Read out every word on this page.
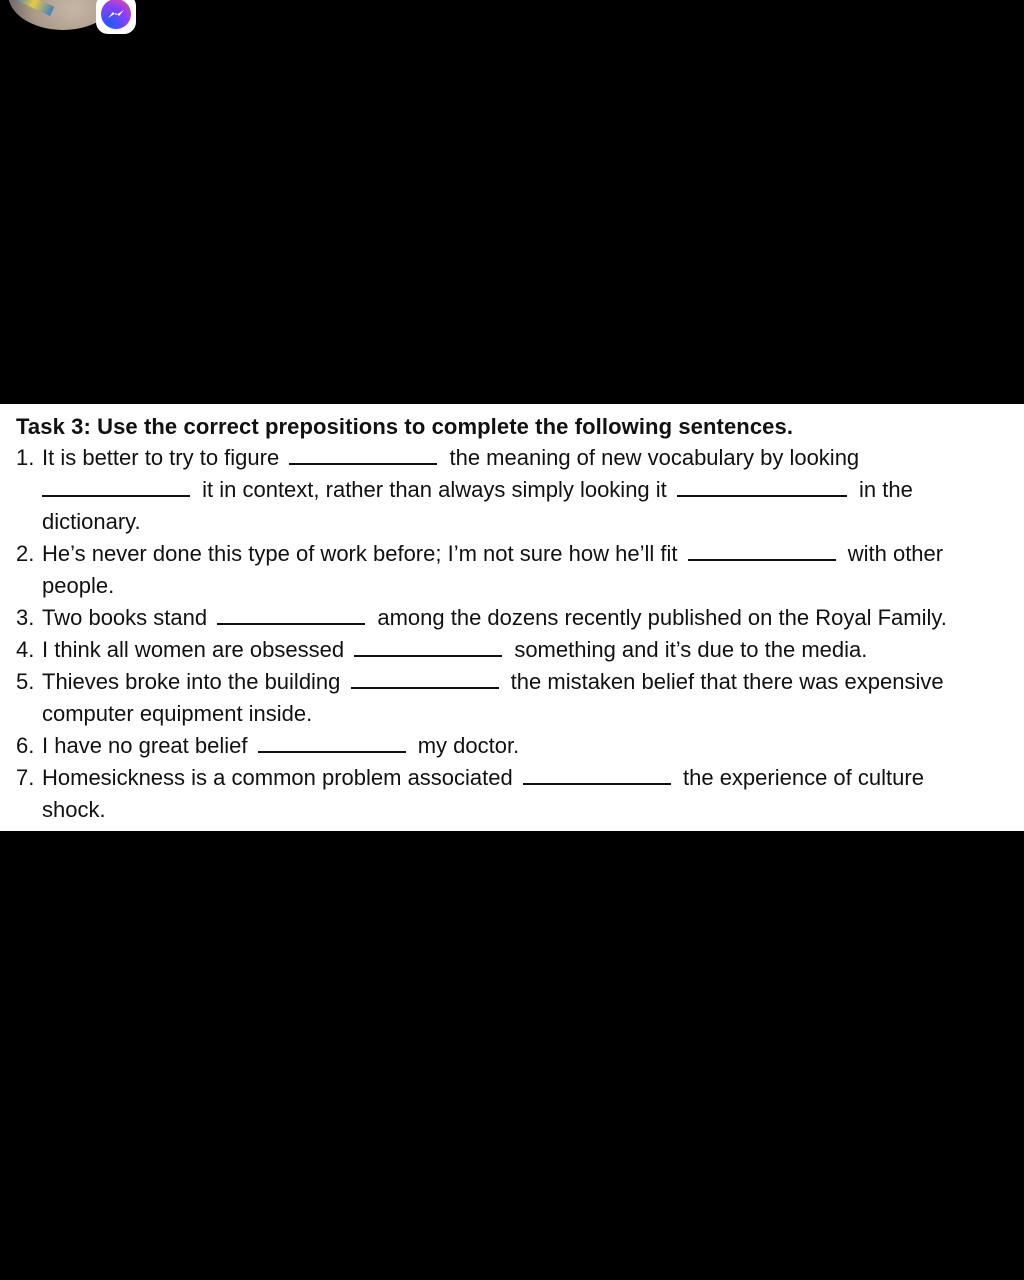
Task 3: Use the correct prepositions to complete the following sentences.

1. It is better to try to figure	the meaning of new vocabulary by looking
it in context, rather than always simply looking it	in the
dictionary.
2. He’s never done this type of work before; I’m not sure how he’ll fit	with other
people.
3. Two books stand	among the dozens recently published on the Royal Family.
4. I think all women are obsessed	something and it’s due to the media.
5. Thieves broke into the building	the mistaken belief that there was expensive
computer equipment inside.
6. I have no great belief	my doctor.
7. Homesickness is a common problem associated	the experience of culture
shock.
